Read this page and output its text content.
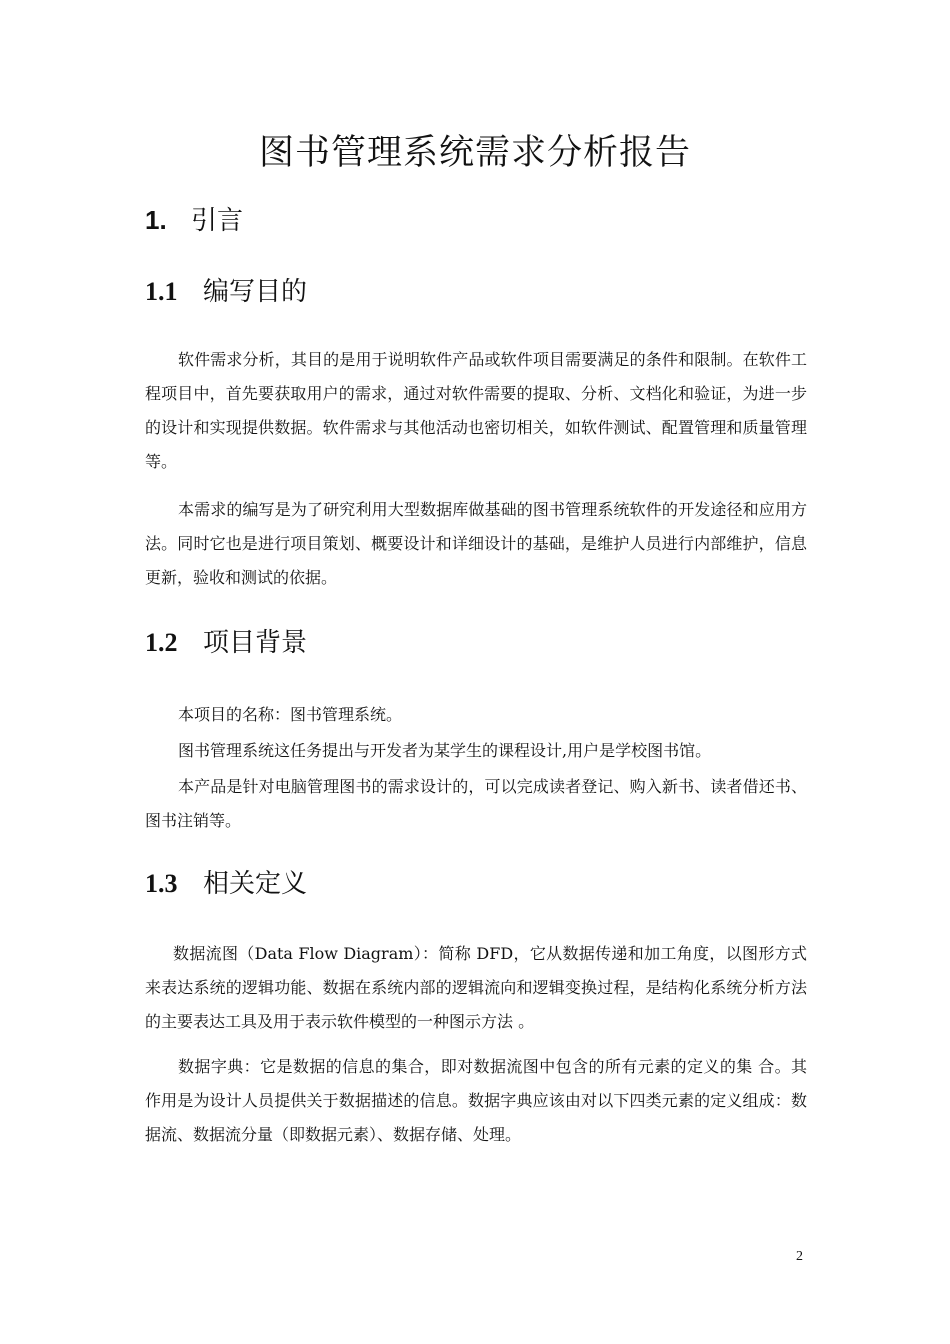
图书管理系统需求分析报告
1. 引言
1.1 编写目的

软件需求分析，其目的是用于说明软件产品或软件项目需要满足的条件和限制。在软件工程项目中，首先要获取用户的需求，通过对软件需要的提取、分析、文档化和验证，为进一步的设计和实现提供数据。软件需求与其他活动也密切相关，如软件测试、配置管理和质量管理等。

本需求的编写是为了研究利用大型数据库做基础的图书管理系统软件的开发途径和应用方法。同时它也是进行项目策划、概要设计和详细设计的基础，是维护人员进行内部维护，信息更新，验收和测试的依据。

1.2 项目背景

本项目的名称：图书管理系统。

图书管理系统这任务提出与开发者为某学生的课程设计,用户是学校图书馆。

本产品是针对电脑管理图书的需求设计的，可以完成读者登记、购入新书、读者借还书、图书注销等。

1.3 相关定义

数据流图（Data Flow Diagram）：简称 DFD，它从数据传递和加工角度，以图形方式来表达系统的逻辑功能、数据在系统内部的逻辑流向和逻辑变换过程，是结构化系统分析方法的主要表达工具及用于表示软件模型的一种图示方法 。

数据字典：它是数据的信息的集合，即对数据流图中包含的所有元素的定义的集 合。其作用是为设计人员提供关于数据描述的信息。数据字典应该由对以下四类元素的定义组成：数据流、数据流分量（即数据元素）、数据存储、处理。

2
